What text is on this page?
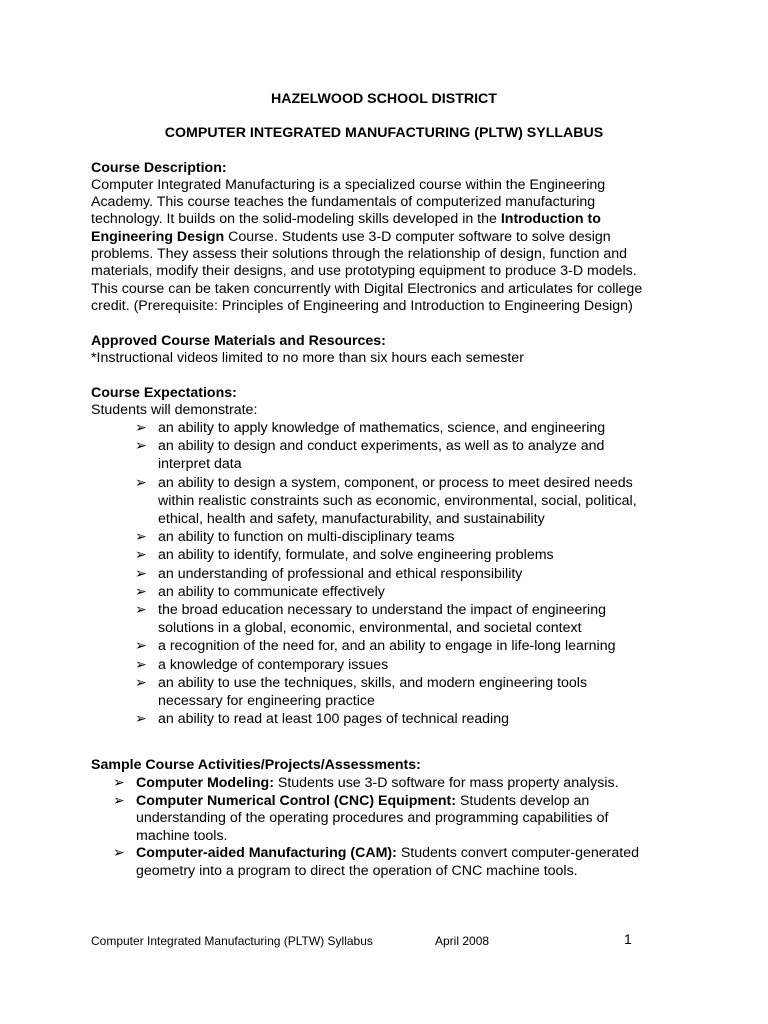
HAZELWOOD SCHOOL DISTRICT
COMPUTER INTEGRATED MANUFACTURING (PLTW) SYLLABUS
Course Description:
Computer Integrated Manufacturing is a specialized course within the Engineering
Academy. This course teaches the fundamentals of computerized manufacturing
technology. It builds on the solid-modeling skills developed in the Introduction to
Engineering Design Course. Students use 3-D computer software to solve design
problems. They assess their solutions through the relationship of design, function and
materials, modify their designs, and use prototyping equipment to produce 3-D models.
This course can be taken concurrently with Digital Electronics and articulates for college
credit. (Prerequisite: Principles of Engineering and Introduction to Engineering Design)
Approved Course Materials and Resources:
*Instructional videos limited to no more than six hours each semester
Course Expectations:
Students will demonstrate:
➢ an ability to apply knowledge of mathematics, science, and engineering
➢ an ability to design and conduct experiments, as well as to analyze and
interpret data
➢ an ability to design a system, component, or process to meet desired needs
within realistic constraints such as economic, environmental, social, political,
ethical, health and safety, manufacturability, and sustainability
➢ an ability to function on multi-disciplinary teams
➢ an ability to identify, formulate, and solve engineering problems
➢ an understanding of professional and ethical responsibility
➢ an ability to communicate effectively
➢ the broad education necessary to understand the impact of engineering
solutions in a global, economic, environmental, and societal context
➢ a recognition of the need for, and an ability to engage in life-long learning
➢ a knowledge of contemporary issues
➢ an ability to use the techniques, skills, and modern engineering tools
necessary for engineering practice
➢ an ability to read at least 100 pages of technical reading
Sample Course Activities/Projects/Assessments:
➢ Computer Modeling: Students use 3-D software for mass property analysis.
➢ Computer Numerical Control (CNC) Equipment: Students develop an
understanding of the operating procedures and programming capabilities of
machine tools.
➢ Computer-aided Manufacturing (CAM): Students convert computer-generated
geometry into a program to direct the operation of CNC machine tools.
Computer Integrated Manufacturing (PLTW) Syllabus	April 2008	1
